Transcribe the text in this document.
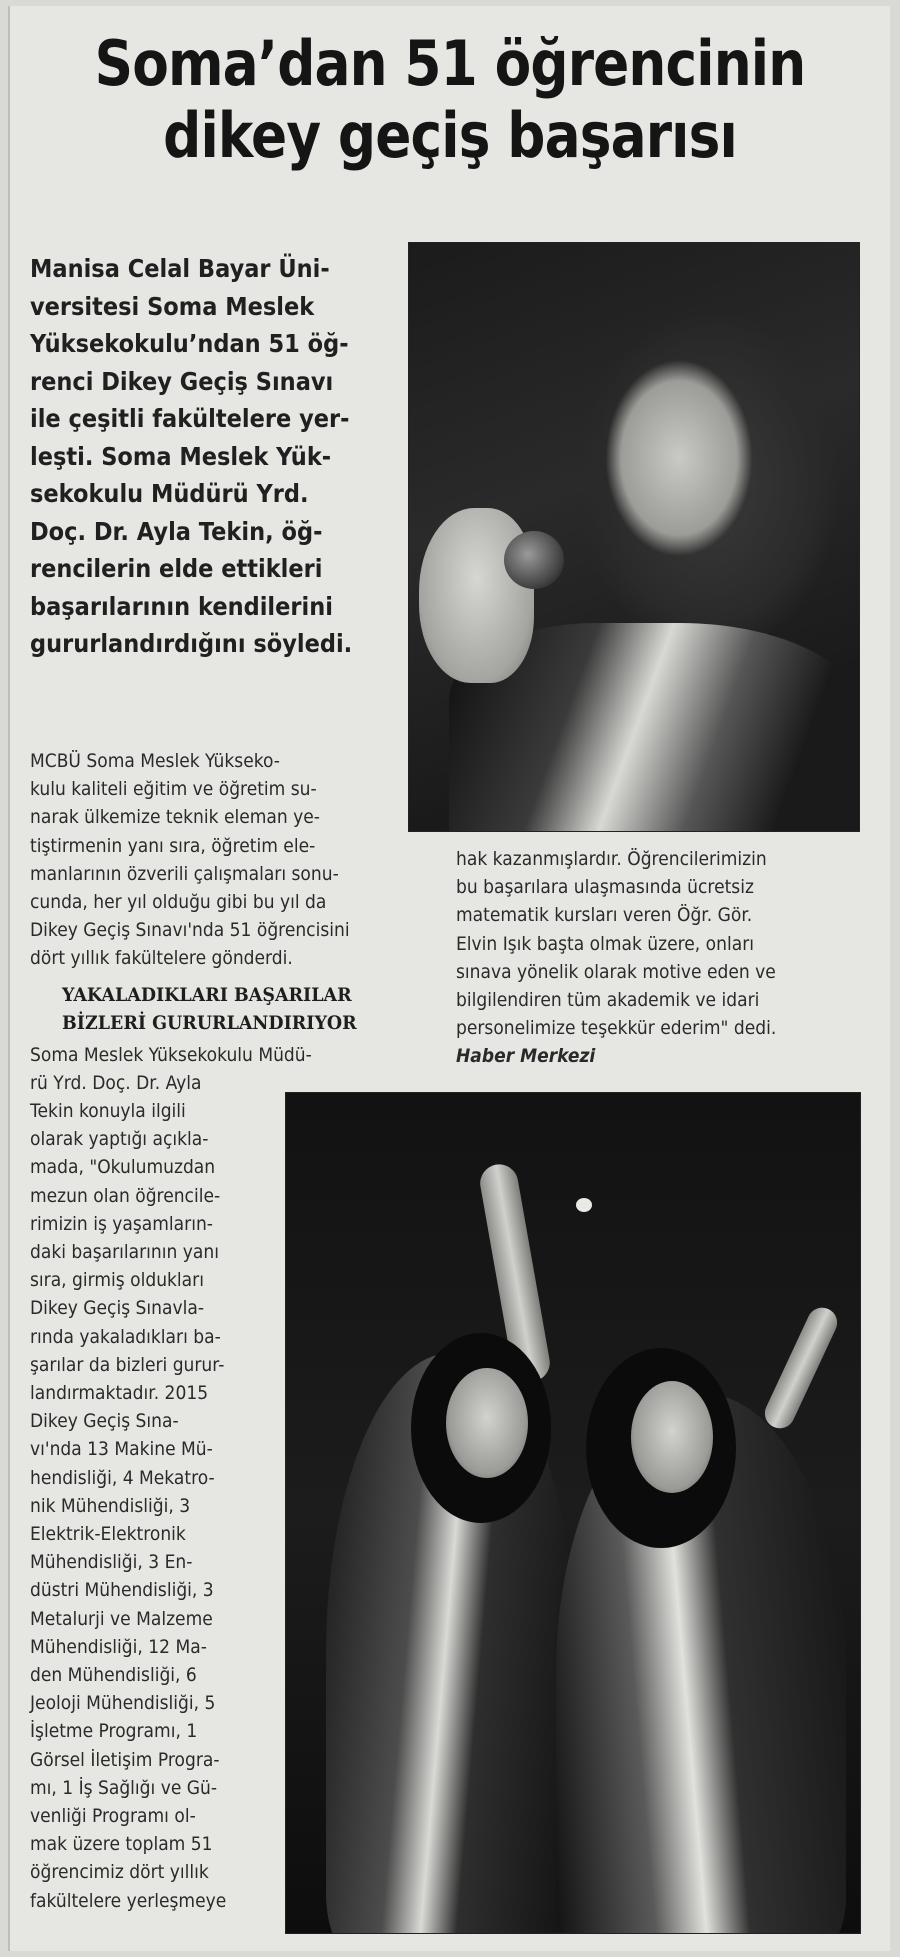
Soma’dan 51 öğrencinin
dikey geçiş başarısı
Manisa Celal Bayar Üni-
versitesi Soma Meslek
Yüksekokulu’ndan 51 öğ-
renci Dikey Geçiş Sınavı
ile çeşitli fakültelere yer-
leşti. Soma Meslek Yük-
sekokulu Müdürü Yrd.
Doç. Dr. Ayla Tekin, öğ-
rencilerin elde ettikleri
başarılarının kendilerini
gururlandırdığını söyledi.
MCBÜ Soma Meslek Yükseko-
kulu kaliteli eğitim ve öğretim su-
narak ülkemize teknik eleman ye-
tiştirmenin yanı sıra, öğretim ele-
manlarının özverili çalışmaları sonu-
cunda, her yıl olduğu gibi bu yıl da
Dikey Geçiş Sınavı'nda 51 öğrencisini
dört yıllık fakültelere gönderdi.
YAKALADIKLARI BAŞARILAR
BİZLERİ GURURLANDIRIYOR
Soma Meslek Yüksekokulu Müdü-
rü Yrd. Doç. Dr. Ayla
Tekin konuyla ilgili
olarak yaptığı açıkla-
mada, "Okulumuzdan
mezun olan öğrencile-
rimizin iş yaşamların-
daki başarılarının yanı
sıra, girmiş oldukları
Dikey Geçiş Sınavla-
rında yakaladıkları ba-
şarılar da bizleri gurur-
landırmaktadır. 2015
Dikey Geçiş Sına-
vı'nda 13 Makine Mü-
hendisliği, 4 Mekatro-
nik Mühendisliği, 3
Elektrik-Elektronik
Mühendisliği, 3 En-
düstri Mühendisliği, 3
Metalurji ve Malzeme
Mühendisliği, 12 Ma-
den Mühendisliği, 6
Jeoloji Mühendisliği, 5
İşletme Programı, 1
Görsel İletişim Progra-
mı, 1 İş Sağlığı ve Gü-
venliği Programı ol-
mak üzere toplam 51
öğrencimiz dört yıllık
fakültelere yerleşmeye
hak kazanmışlardır. Öğrencilerimizin
bu başarılara ulaşmasında ücretsiz
matematik kursları veren Öğr. Gör.
Elvin Işık başta olmak üzere, onları
sınava yönelik olarak motive eden ve
bilgilendiren tüm akademik ve idari
personelimize teşekkür ederim" dedi.
Haber Merkezi
